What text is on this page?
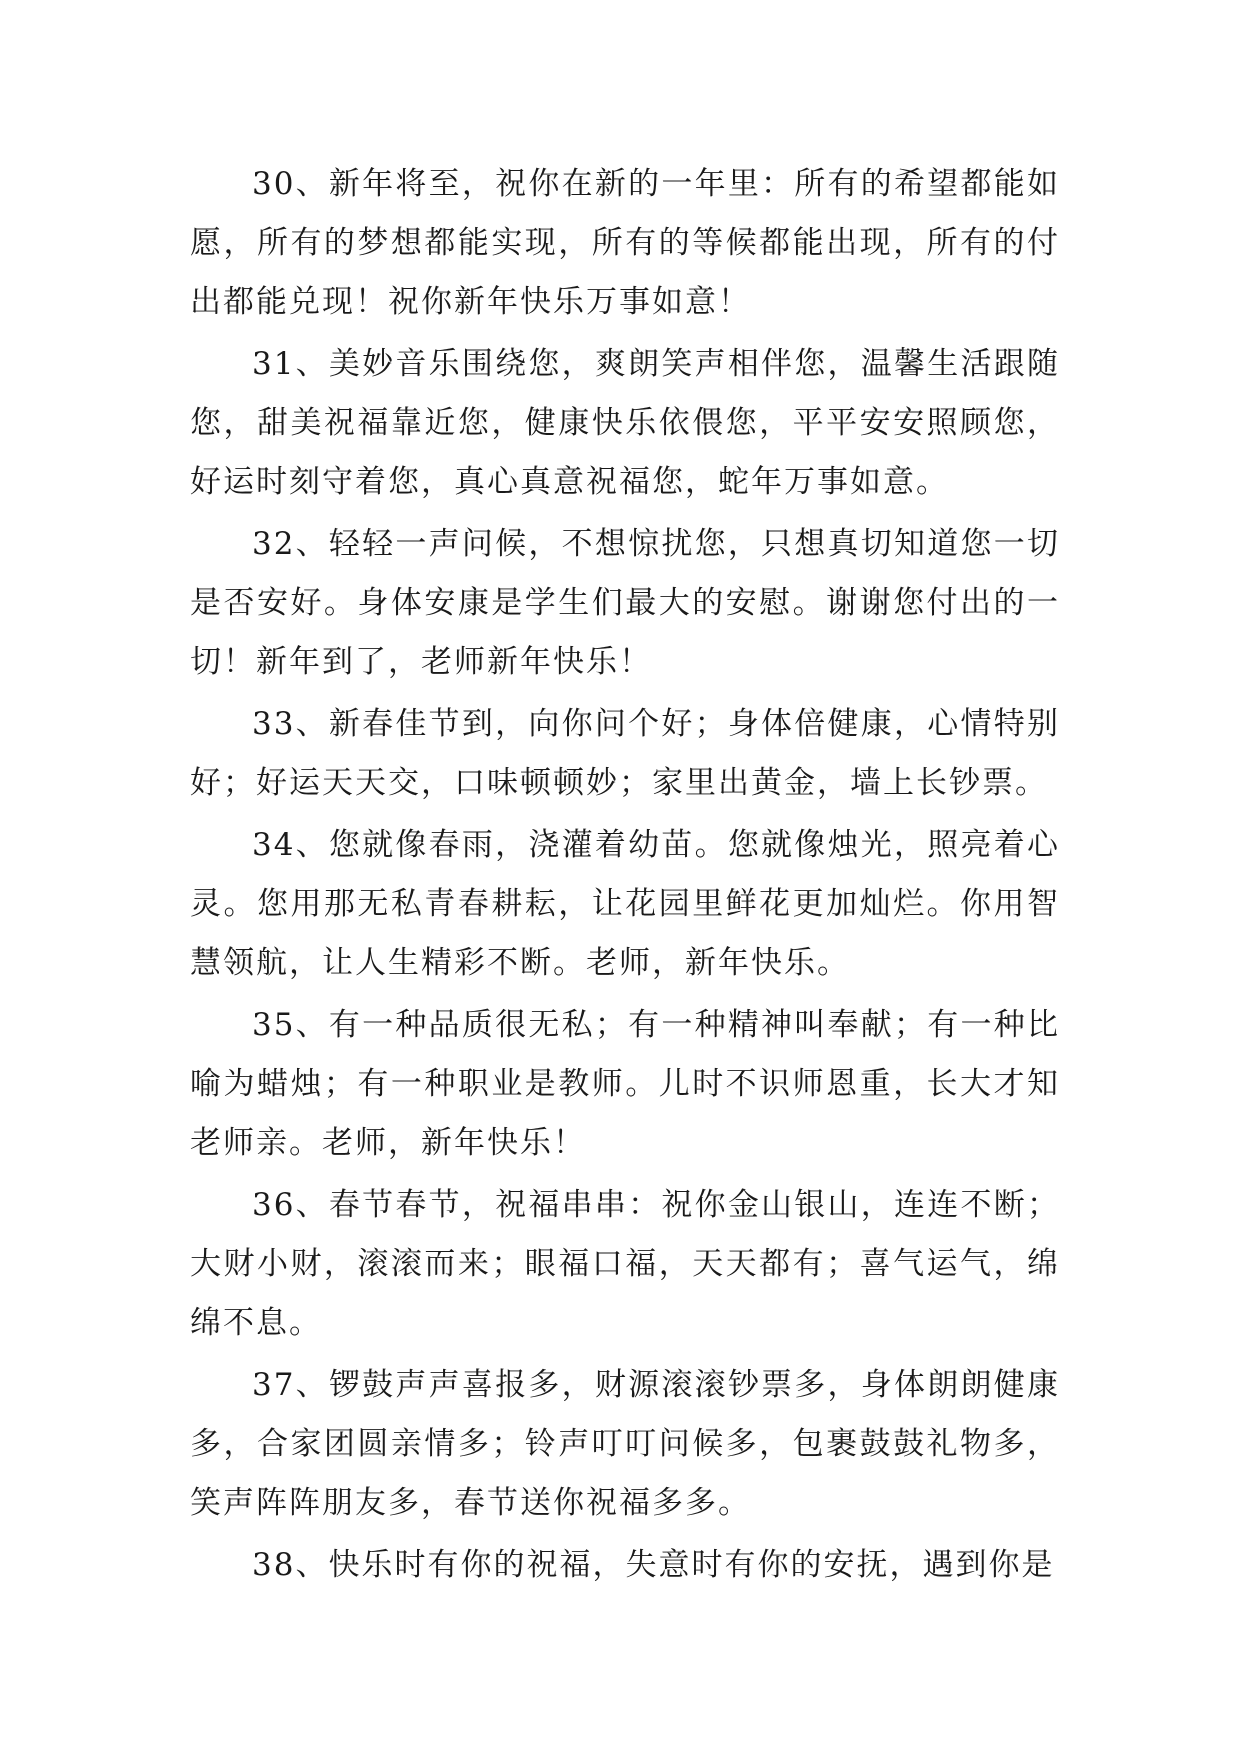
30、新年将至，祝你在新的一年里：所有的希望都能如愿，所有的梦想都能实现，所有的等候都能出现，所有的付出都能兑现！祝你新年快乐万事如意！

31、美妙音乐围绕您，爽朗笑声相伴您，温馨生活跟随您，甜美祝福靠近您，健康快乐依偎您，平平安安照顾您，好运时刻守着您，真心真意祝福您，蛇年万事如意。

32、轻轻一声问候，不想惊扰您，只想真切知道您一切是否安好。身体安康是学生们最大的安慰。谢谢您付出的一切！新年到了，老师新年快乐！

33、新春佳节到，向你问个好；身体倍健康，心情特别好；好运天天交，口味顿顿妙；家里出黄金，墙上长钞票。

34、您就像春雨，浇灌着幼苗。您就像烛光，照亮着心灵。您用那无私青春耕耘，让花园里鲜花更加灿烂。你用智慧领航，让人生精彩不断。老师，新年快乐。

35、有一种品质很无私；有一种精神叫奉献；有一种比喻为蜡烛；有一种职业是教师。儿时不识师恩重，长大才知老师亲。老师，新年快乐！

36、春节春节，祝福串串：祝你金山银山，连连不断；大财小财，滚滚而来；眼福口福，天天都有；喜气运气，绵绵不息。

37、锣鼓声声喜报多，财源滚滚钞票多，身体朗朗健康多，合家团圆亲情多；铃声叮叮问候多，包裹鼓鼓礼物多，笑声阵阵朋友多，春节送你祝福多多。

38、快乐时有你的祝福，失意时有你的安抚，遇到你是
